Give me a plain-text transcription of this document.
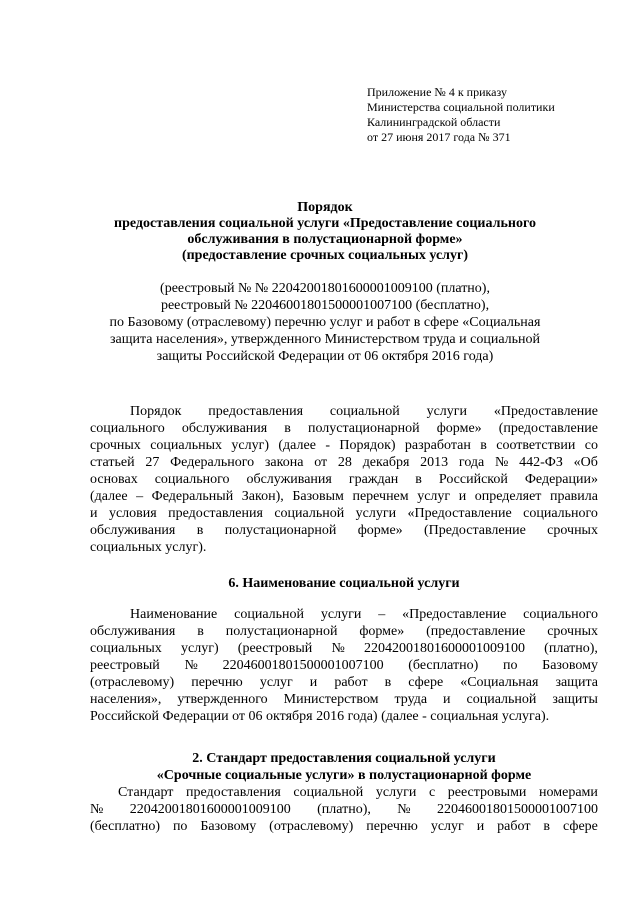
Приложение № 4 к приказу
Министерства социальной политики
Калининградской области
от 27 июня 2017 года № 371
Порядок
предоставления социальной услуги «Предоставление социального
обслуживания в полустационарной форме»
(предоставление срочных социальных услуг)
(реестровый № № 22042001801600001009100 (платно),
реестровый № 22046001801500001007100 (бесплатно),
по Базовому (отраслевому) перечню услуг и работ в сфере «Социальная
защита населения», утвержденного Министерством труда и социальной
защиты Российской Федерации от 06 октября 2016 года)
Порядок предоставления социальной услуги «Предоставление
социального обслуживания в полустационарной форме» (предоставление
срочных социальных услуг) (далее - Порядок) разработан в соответствии со
статьей 27 Федерального закона от 28 декабря 2013 года № 442-ФЗ «Об
основах социального обслуживания граждан в Российской Федерации»
(далее – Федеральный Закон), Базовым перечнем услуг и определяет правила
и условия предоставления социальной услуги «Предоставление социального
обслуживания в полустационарной форме» (Предоставление срочных
социальных услуг).
6. Наименование социальной услуги
Наименование социальной услуги – «Предоставление социального
обслуживания в полустационарной форме» (предоставление срочных
социальных услуг) (реестровый № 22042001801600001009100 (платно),
реестровый № 22046001801500001007100 (бесплатно) по Базовому
(отраслевому) перечню услуг и работ в сфере «Социальная защита
населения», утвержденного Министерством труда и социальной защиты
Российской Федерации от 06 октября 2016 года) (далее - социальная услуга).
2. Стандарт предоставления социальной услуги
«Срочные социальные услуги» в полустационарной форме
Стандарт предоставления социальной услуги с реестровыми номерами
№ 22042001801600001009100 (платно), № 22046001801500001007100
(бесплатно) по Базовому (отраслевому) перечню услуг и работ в сфере
